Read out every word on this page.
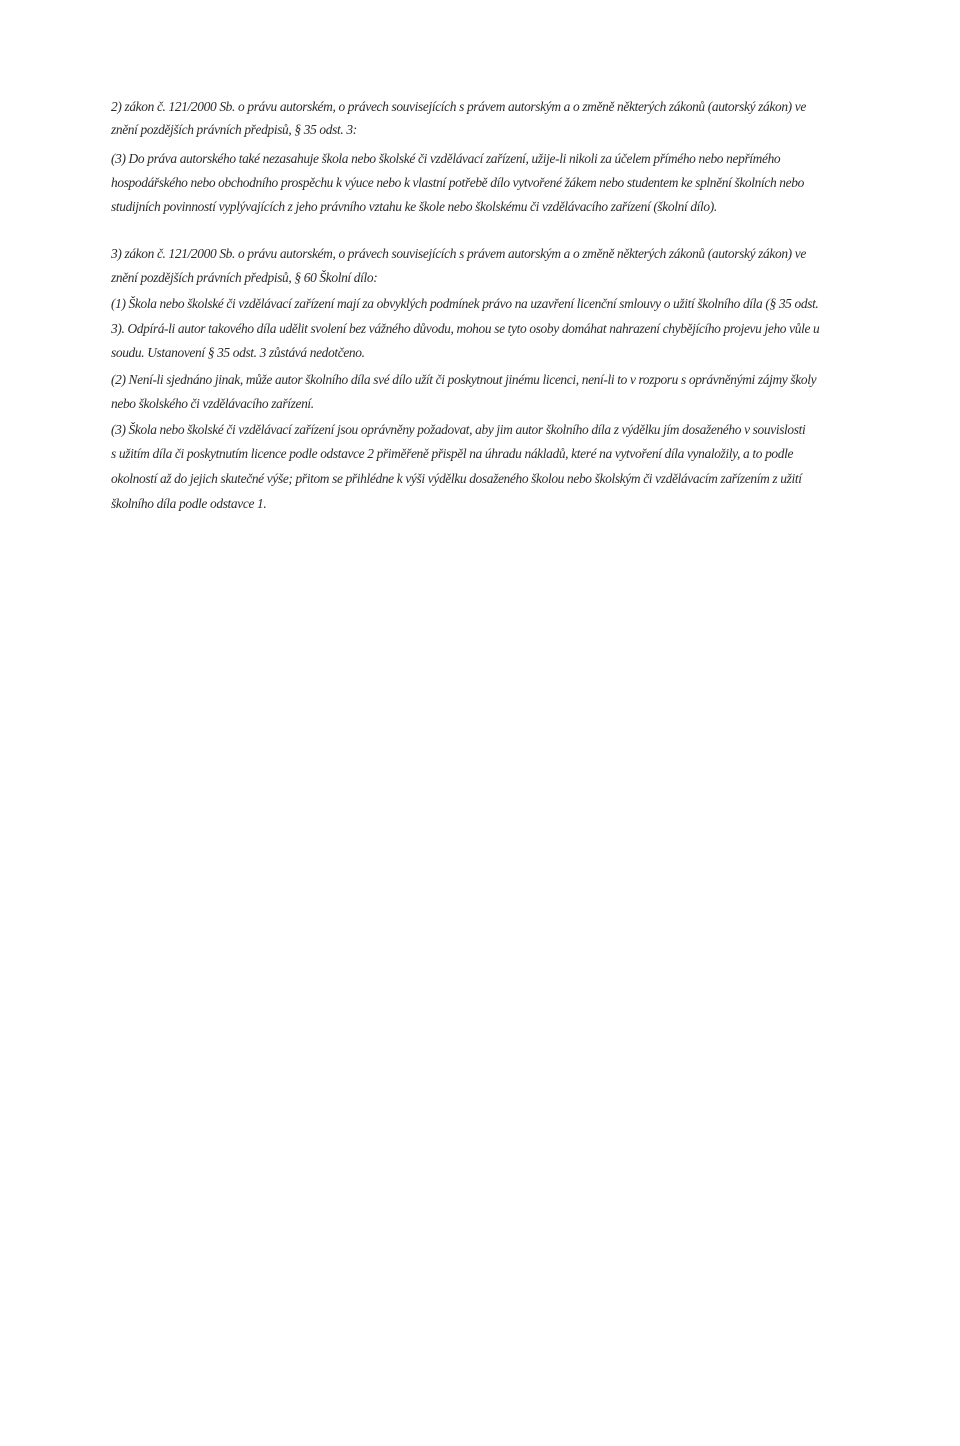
2) zákon č. 121/2000 Sb. o právu autorském, o právech souvisejících s právem autorským a o změně některých zákonů (autorský zákon) ve
znění pozdějších právních předpisů, § 35 odst. 3:
(3) Do práva autorského také nezasahuje škola nebo školské či vzdělávací zařízení, užije-li nikoli za účelem přímého nebo nepřímého
hospodářského nebo obchodního prospěchu k výuce nebo k vlastní potřebě dílo vytvořené žákem nebo studentem ke splnění školních nebo
studijních povinností vyplývajících z jeho právního vztahu ke škole nebo školskému či vzdělávacího zařízení (školní dílo).
3) zákon č. 121/2000 Sb. o právu autorském, o právech souvisejících s právem autorským a o změně některých zákonů (autorský zákon) ve
znění pozdějších právních předpisů, § 60 Školní dílo:
(1) Škola nebo školské či vzdělávací zařízení mají za obvyklých podmínek právo na uzavření licenční smlouvy o užití školního díla (§ 35 odst.
3). Odpírá-li autor takového díla udělit svolení bez vážného důvodu, mohou se tyto osoby domáhat nahrazení chybějícího projevu jeho vůle u
soudu. Ustanovení § 35 odst. 3 zůstává nedotčeno.
(2) Není-li sjednáno jinak, může autor školního díla své dílo užít či poskytnout jinému licenci, není-li to v rozporu s oprávněnými zájmy školy
nebo školského či vzdělávacího zařízení.
(3) Škola nebo školské či vzdělávací zařízení jsou oprávněny požadovat, aby jim autor školního díla z výdělku jím dosaženého v souvislosti
s užitím díla či poskytnutím licence podle odstavce 2 přiměřeně přispěl na úhradu nákladů, které na vytvoření díla vynaložily, a to podle
okolností až do jejich skutečné výše; přitom se přihlédne k výši výdělku dosaženého školou nebo školským či vzdělávacím zařízením z užití
školního díla podle odstavce 1.
